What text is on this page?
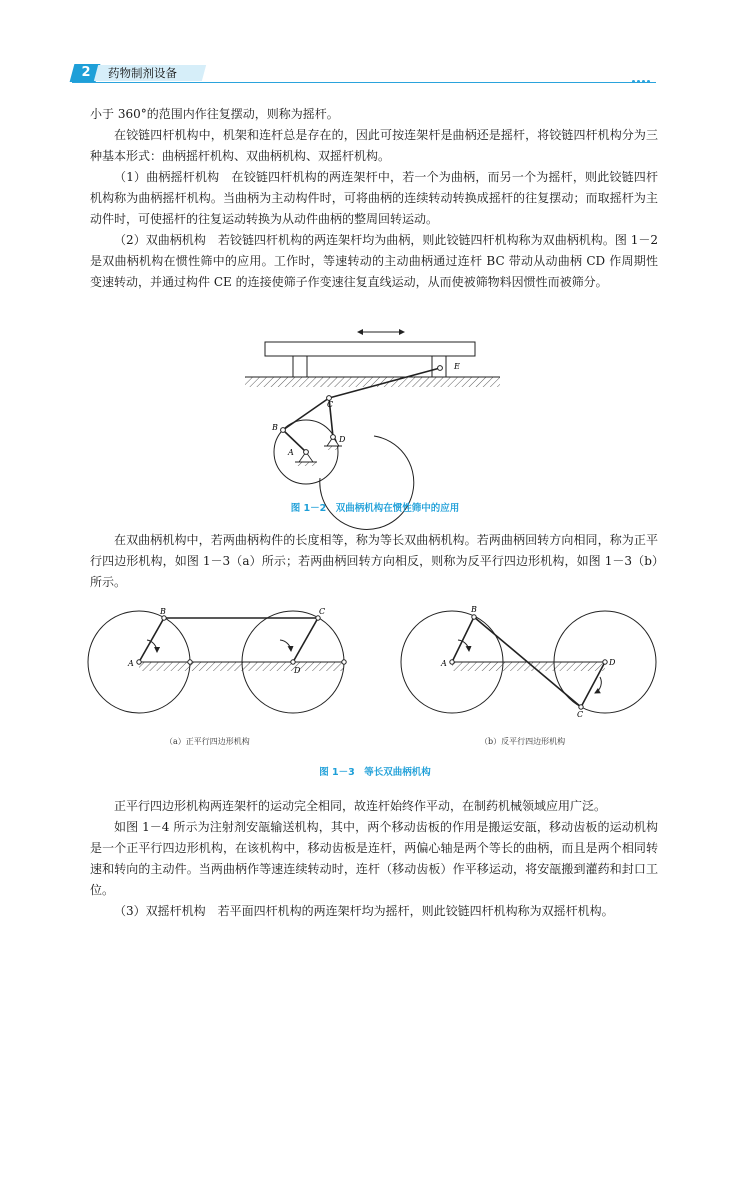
2	药物制剂设备

小于 360°的范围内作往复摆动，则称为摇杆。

在铰链四杆机构中，机架和连杆总是存在的，因此可按连架杆是曲柄还是摇杆，将铰链四杆机构分为三种基本形式：曲柄摇杆机构、双曲柄机构、双摇杆机构。

（1）曲柄摇杆机构　在铰链四杆机构的两连架杆中，若一个为曲柄，而另一个为摇杆，则此铰链四杆机构称为曲柄摇杆机构。当曲柄为主动构件时，可将曲柄的连续转动转换成摇杆的往复摆动；而取摇杆为主动件时，可使摇杆的往复运动转换为从动件曲柄的整周回转运动。

（2）双曲柄机构　若铰链四杆机构的两连架杆均为曲柄，则此铰链四杆机构称为双曲柄机构。图 1－2 是双曲柄机构在惯性筛中的应用。工作时，等速转动的主动曲柄通过连杆 BC 带动从动曲柄 CD 作周期性变速转动，并通过构件 CE 的连接使筛子作变速往复直线运动，从而使被筛物料因惯性而被筛分。

A
B
C
D
E
A
B	C
D
A
B
C
D
图 1－2　双曲柄机构在惯性筛中的应用

在双曲柄机构中，若两曲柄构件的长度相等，称为等长双曲柄机构。若两曲柄回转方向相同，称为正平行四边形机构，如图 1－3（a）所示；若两曲柄回转方向相反，则称为反平行四边形机构，如图 1－3（b）所示。

（a）正平行四边形机构	（b）反平行四边形机构
图 1－3　等长双曲柄机构

正平行四边形机构两连架杆的运动完全相同，故连杆始终作平动，在制药机械领域应用广泛。

如图 1－4 所示为注射剂安瓿输送机构，其中，两个移动齿板的作用是搬运安瓿，移动齿板的运动机构是一个正平行四边形机构，在该机构中，移动齿板是连杆，两偏心轴是两个等长的曲柄，而且是两个相同转速和转向的主动件。当两曲柄作等速连续转动时，连杆（移动齿板）作平移运动，将安瓿搬到灌药和封口工位。

（3）双摇杆机构　若平面四杆机构的两连架杆均为摇杆，则此铰链四杆机构称为双摇杆机构。
